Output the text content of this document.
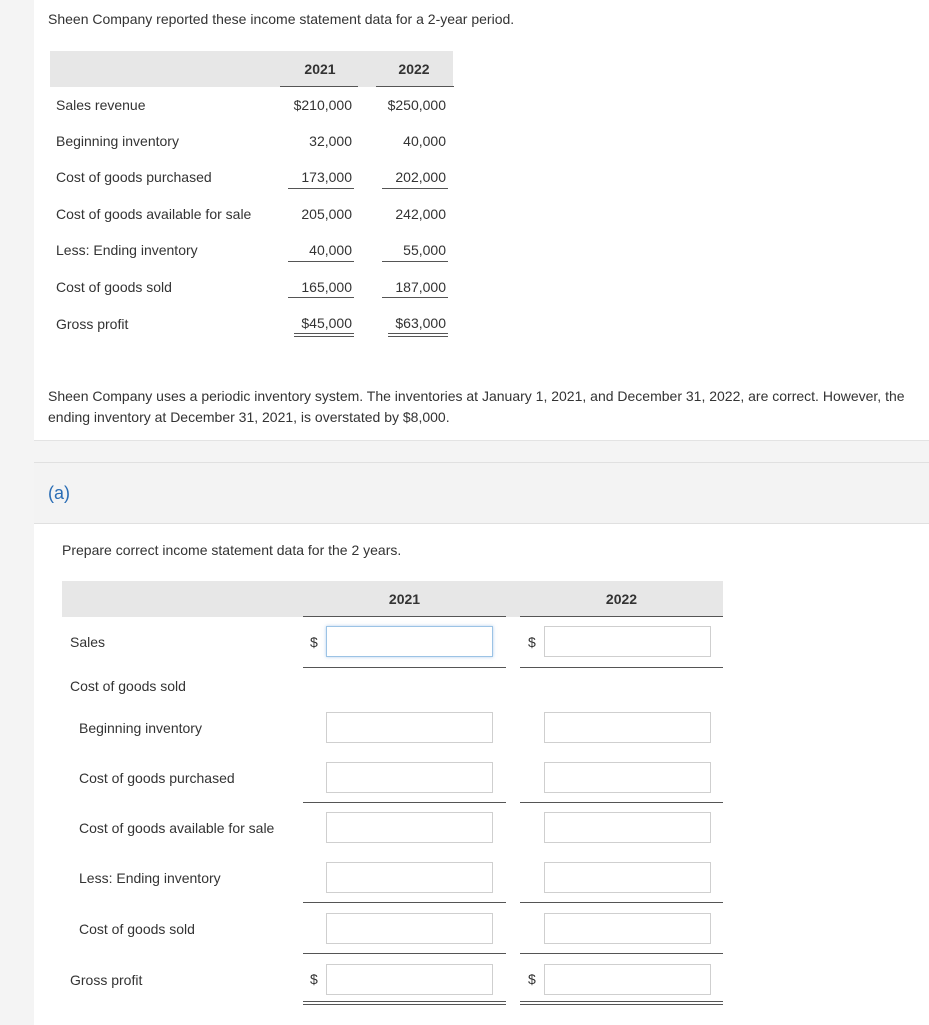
Sheen Company reported these income statement data for a 2-year period.
2021	2022
Sales revenue	$210,000	$250,000
Beginning inventory	32,000	40,000
Cost of goods purchased	173,000	202,000
Cost of goods available for sale	205,000	242,000
Less: Ending inventory	40,000	55,000
Cost of goods sold	165,000	187,000
Gross profit	$45,000	$63,000
Sheen Company uses a periodic inventory system. The inventories at January 1, 2021, and December 31, 2022, are correct. However, the ending inventory at December 31, 2021, is overstated by $8,000.
(a)
Prepare correct income statement data for the 2 years.
2021	2022
Sales	$	$
Cost of goods sold
Beginning inventory
Cost of goods purchased
Cost of goods available for sale
Less: Ending inventory
Cost of goods sold
Gross profit	$	$
